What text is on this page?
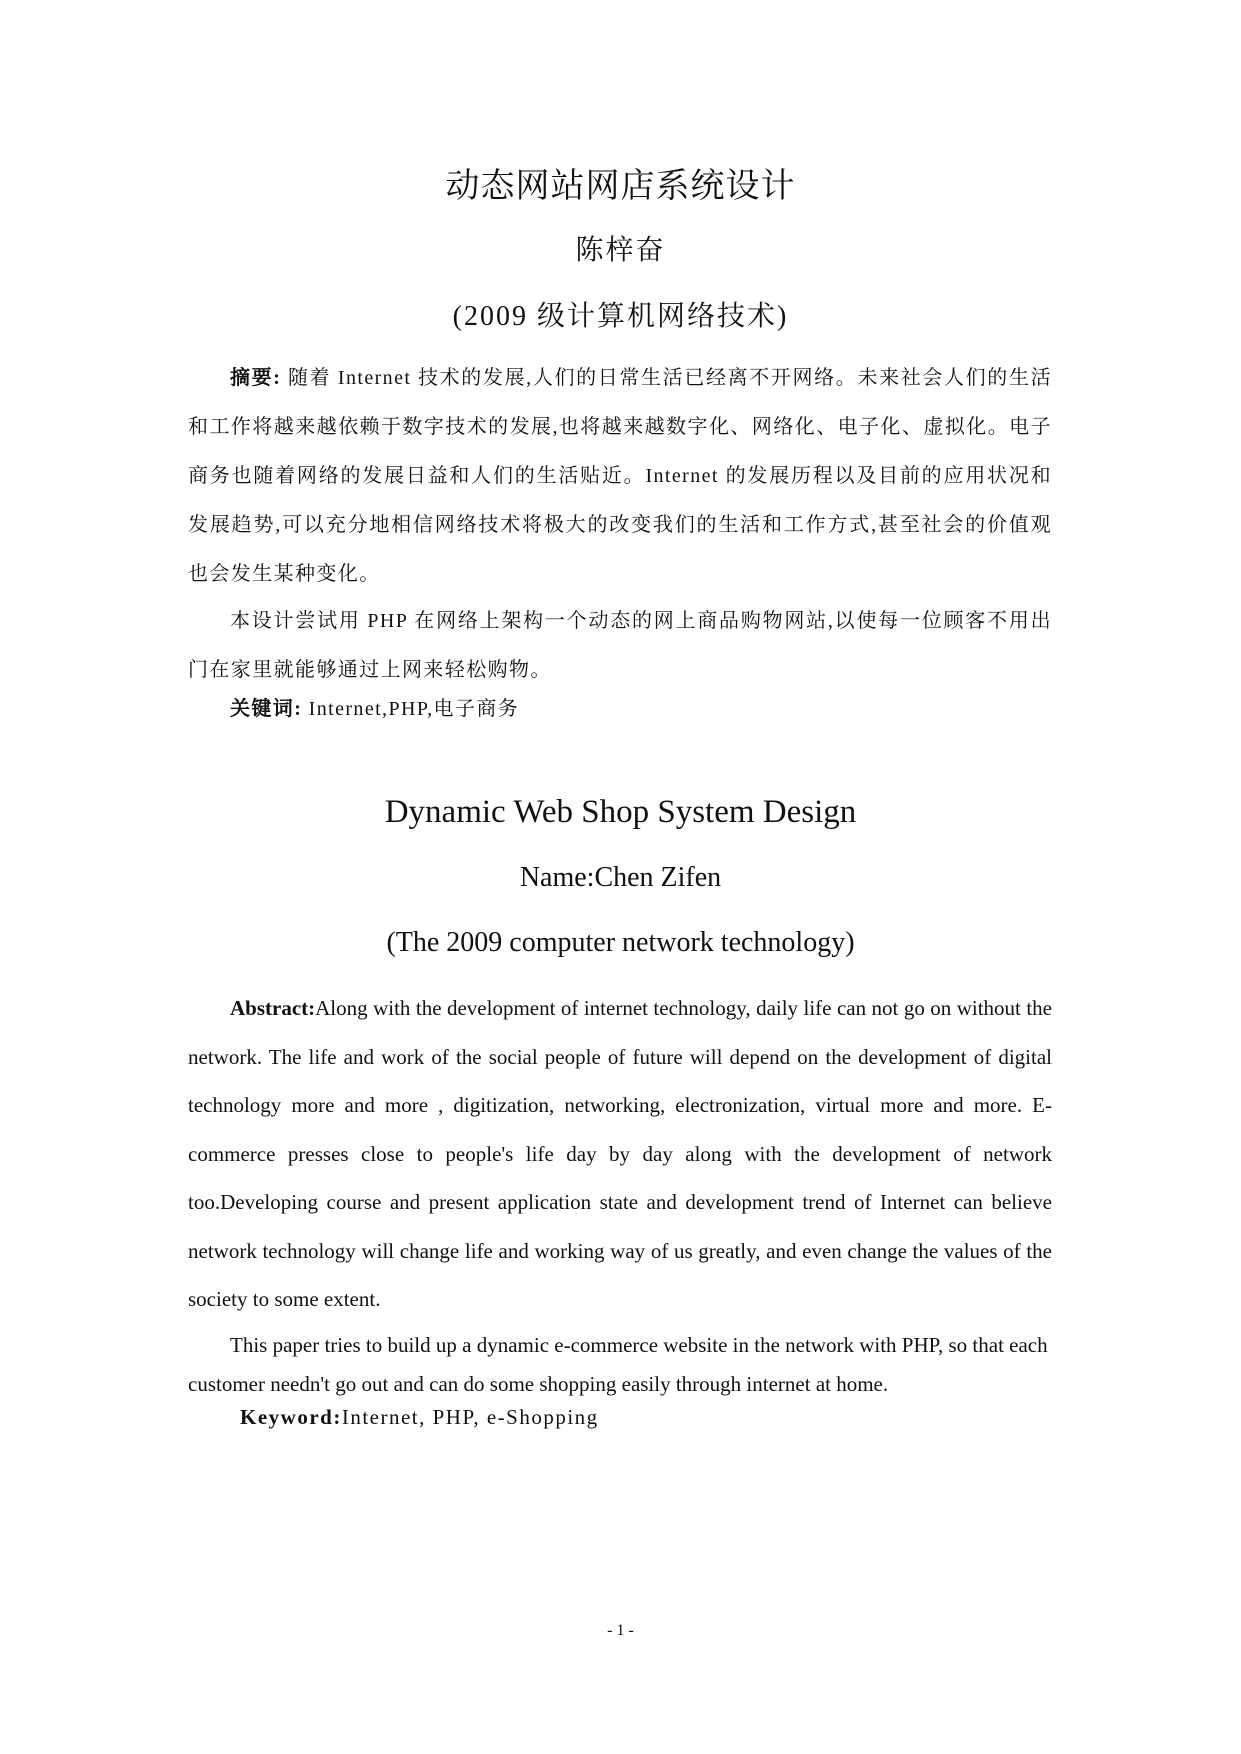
动态网站网店系统设计
陈梓奋
(2009 级计算机网络技术)
摘要: 随着 Internet 技术的发展,人们的日常生活已经离不开网络。未来社会人们的生活和工作将越来越依赖于数字技术的发展,也将越来越数字化、网络化、电子化、虚拟化。电子商务也随着网络的发展日益和人们的生活贴近。Internet 的发展历程以及目前的应用状况和发展趋势,可以充分地相信网络技术将极大的改变我们的生活和工作方式,甚至社会的价值观也会发生某种变化。
本设计尝试用 PHP 在网络上架构一个动态的网上商品购物网站,以使每一位顾客不用出门在家里就能够通过上网来轻松购物。
关键词: Internet,PHP,电子商务
Dynamic Web Shop System Design
Name:Chen Zifen
(The 2009 computer network technology)
Abstract:Along with the development of internet technology, daily life can not go on without the network. The life and work of the social people of future will depend on the development of digital technology more and more , digitization, networking, electronization, virtual more and more. E-commerce presses close to people's life day by day along with the development of network too.Developing course and present application state and development trend of Internet can believe network technology will change life and working way of us greatly, and even change the values of the society to some extent.
This paper tries to build up a dynamic e-commerce website in the network with PHP, so that each customer needn't go out and can do some shopping easily through internet at home.
Keyword:Internet, PHP, e-Shopping
- 1 -
